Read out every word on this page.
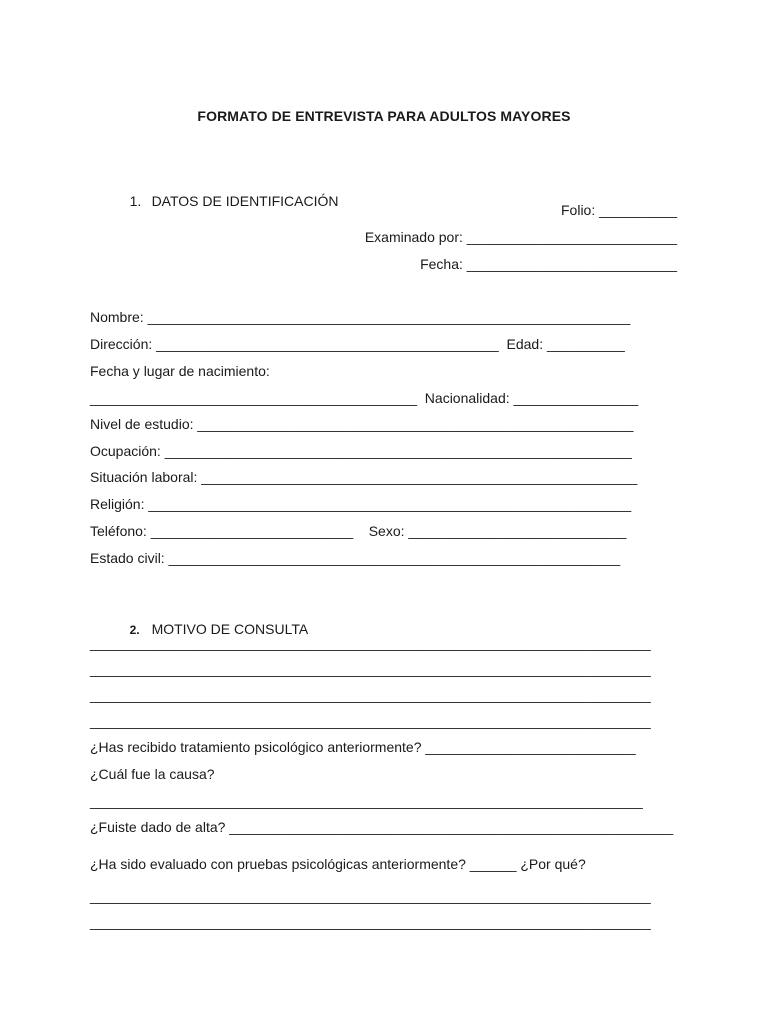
FORMATO DE ENTREVISTA PARA ADULTOS MAYORES

1. DATOS DE IDENTIFICACIÓN

Folio: __________
Examinado por: ___________________________
Fecha: ___________________________
Nombre: ______________________________________________________________
Dirección: ____________________________________________  Edad: __________
Fecha y lugar de nacimiento:
__________________________________________  Nacionalidad: ________________
Nivel de estudio: ________________________________________________________
Ocupación: ____________________________________________________________
Situación laboral: ________________________________________________________
Religión: ______________________________________________________________
Teléfono: __________________________    Sexo: ____________________________
Estado civil: __________________________________________________________

2. MOTIVO DE CONSULTA

________________________________________________________________________
________________________________________________________________________
________________________________________________________________________
________________________________________________________________________
¿Has recibido tratamiento psicológico anteriormente? ___________________________
¿Cuál fue la causa?
_______________________________________________________________________
¿Fuiste dado de alta? _________________________________________________________
¿Ha sido evaluado con pruebas psicológicas anteriormente? ______ ¿Por qué?
________________________________________________________________________
________________________________________________________________________
